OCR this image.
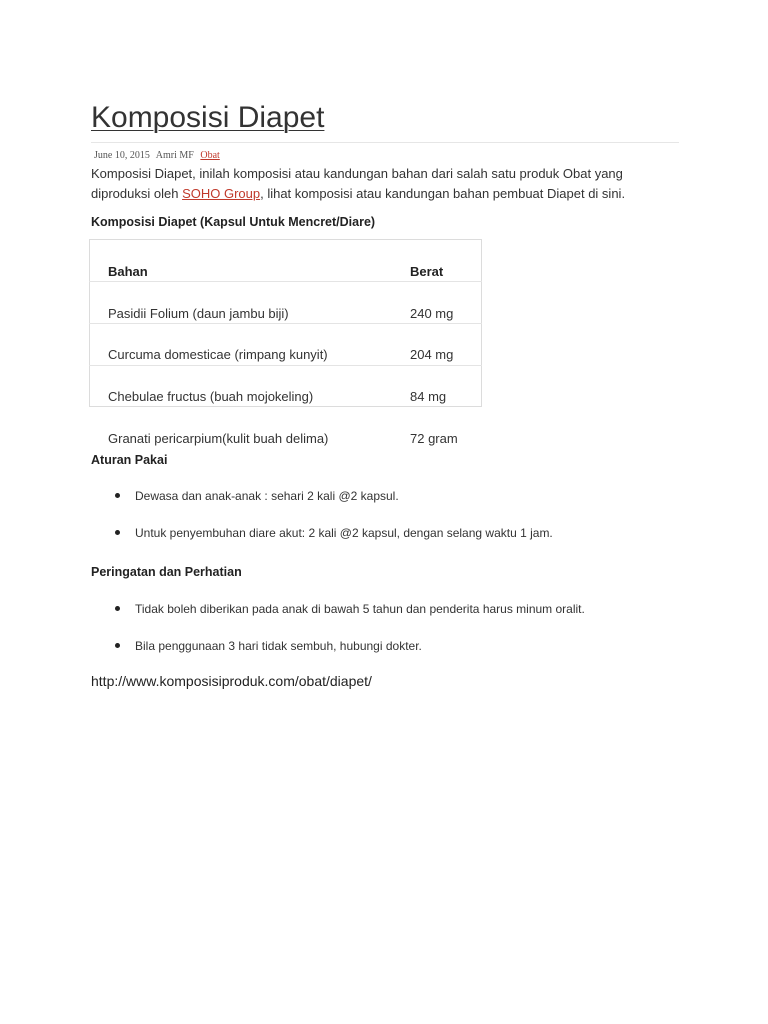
Komposisi Diapet
June 10, 2015 Amri MF Obat
Komposisi Diapet, inilah komposisi atau kandungan bahan dari salah satu produk Obat yang diproduksi oleh SOHO Group, lihat komposisi atau kandungan bahan pembuat Diapet di sini.
Komposisi Diapet (Kapsul Untuk Mencret/Diare)
Bahan	Berat
Pasidii Folium (daun jambu biji)	240 mg
Curcuma domesticae (rimpang kunyit)	204 mg
Chebulae fructus (buah mojokeling)	84 mg
Granati pericarpium(kulit buah delima)	72 gram
Aturan Pakai
Dewasa dan anak-anak : sehari 2 kali @2 kapsul.
Untuk penyembuhan diare akut: 2 kali @2 kapsul, dengan selang waktu 1 jam.
Peringatan dan Perhatian
Tidak boleh diberikan pada anak di bawah 5 tahun dan penderita harus minum oralit.
Bila penggunaan 3 hari tidak sembuh, hubungi dokter.
http://www.komposisiproduk.com/obat/diapet/
